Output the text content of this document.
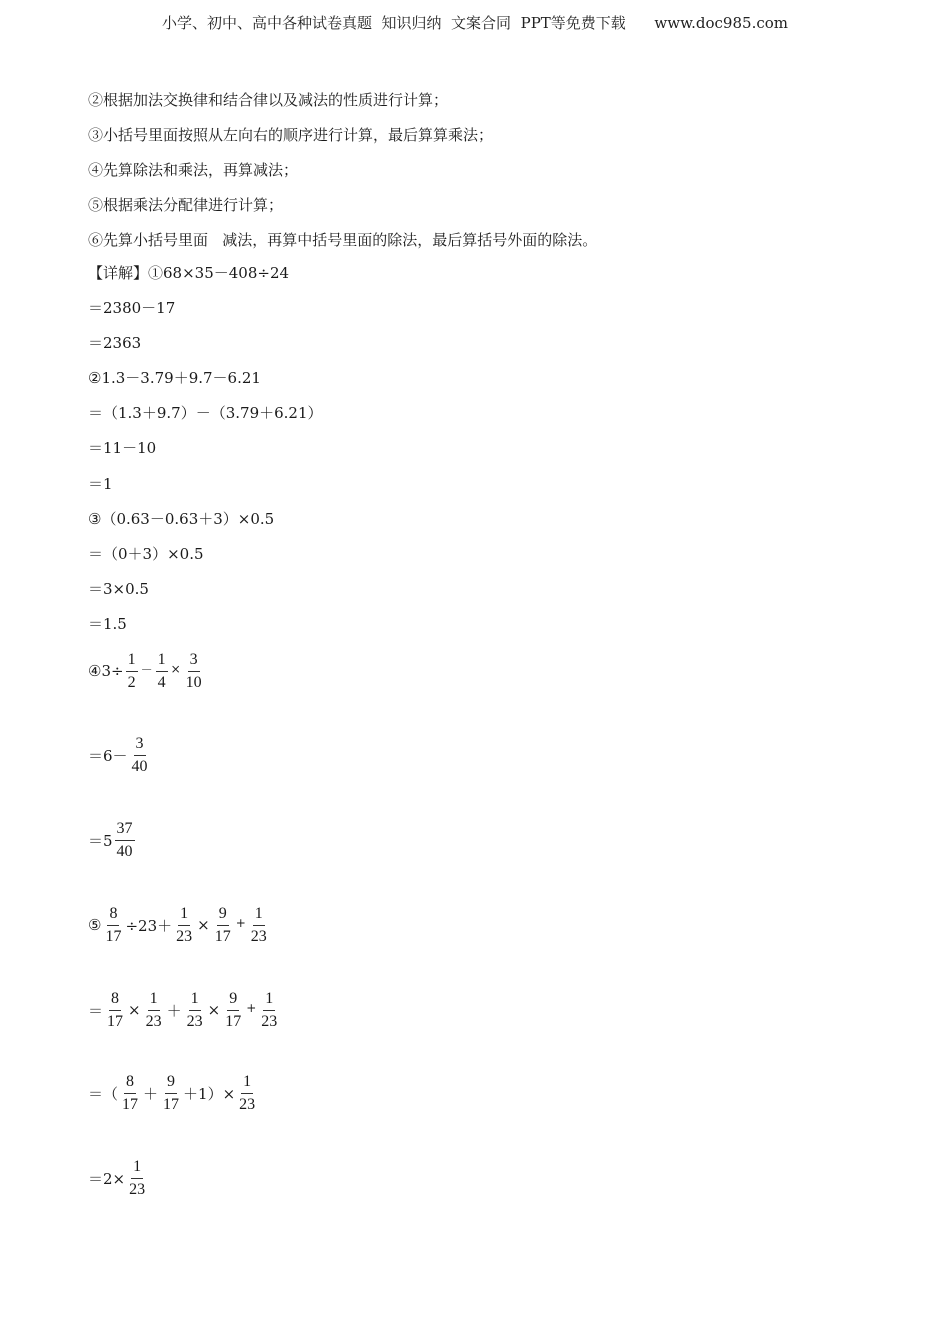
小学、初中、高中各种试卷真题  知识归纳  文案合同  PPT等免费下载      www.doc985.com
②根据加法交换律和结合律以及减法的性质进行计算；
③小括号里面按照从左向右的顺序进行计算，最后算算乘法；
④先算除法和乘法，再算减法；
⑤根据乘法分配律进行计算；
⑥先算小括号里面   减法，再算中括号里面的除法，最后算括号外面的除法。
【详解】①68×35－408÷24
＝2380－17
＝2363
②1.3－3.79＋9.7－6.21
＝（1.3＋9.7）－（3.79＋6.21）
＝11－10
＝1
③（0.63－0.63＋3）×0.5
＝（0＋3）×0.5
＝3×0.5
＝1.5
④3÷ $\frac{1}{2} - \frac{1}{4} \times \frac{3}{10}$
$=6- \frac{3}{40}$
$=5 \frac{37}{40}$
⑤ $\frac{8}{17} \div 23+ \frac{1}{23} \times \frac{9}{17} + \frac{1}{23}$
＝ $\frac{8}{17} \times \frac{1}{23} + \frac{1}{23} \times \frac{9}{17} + \frac{1}{23}$
＝（ $\frac{8}{17} + \frac{9}{17} +1)\times \frac{1}{23}$
$=2\times \frac{1}{23}$
